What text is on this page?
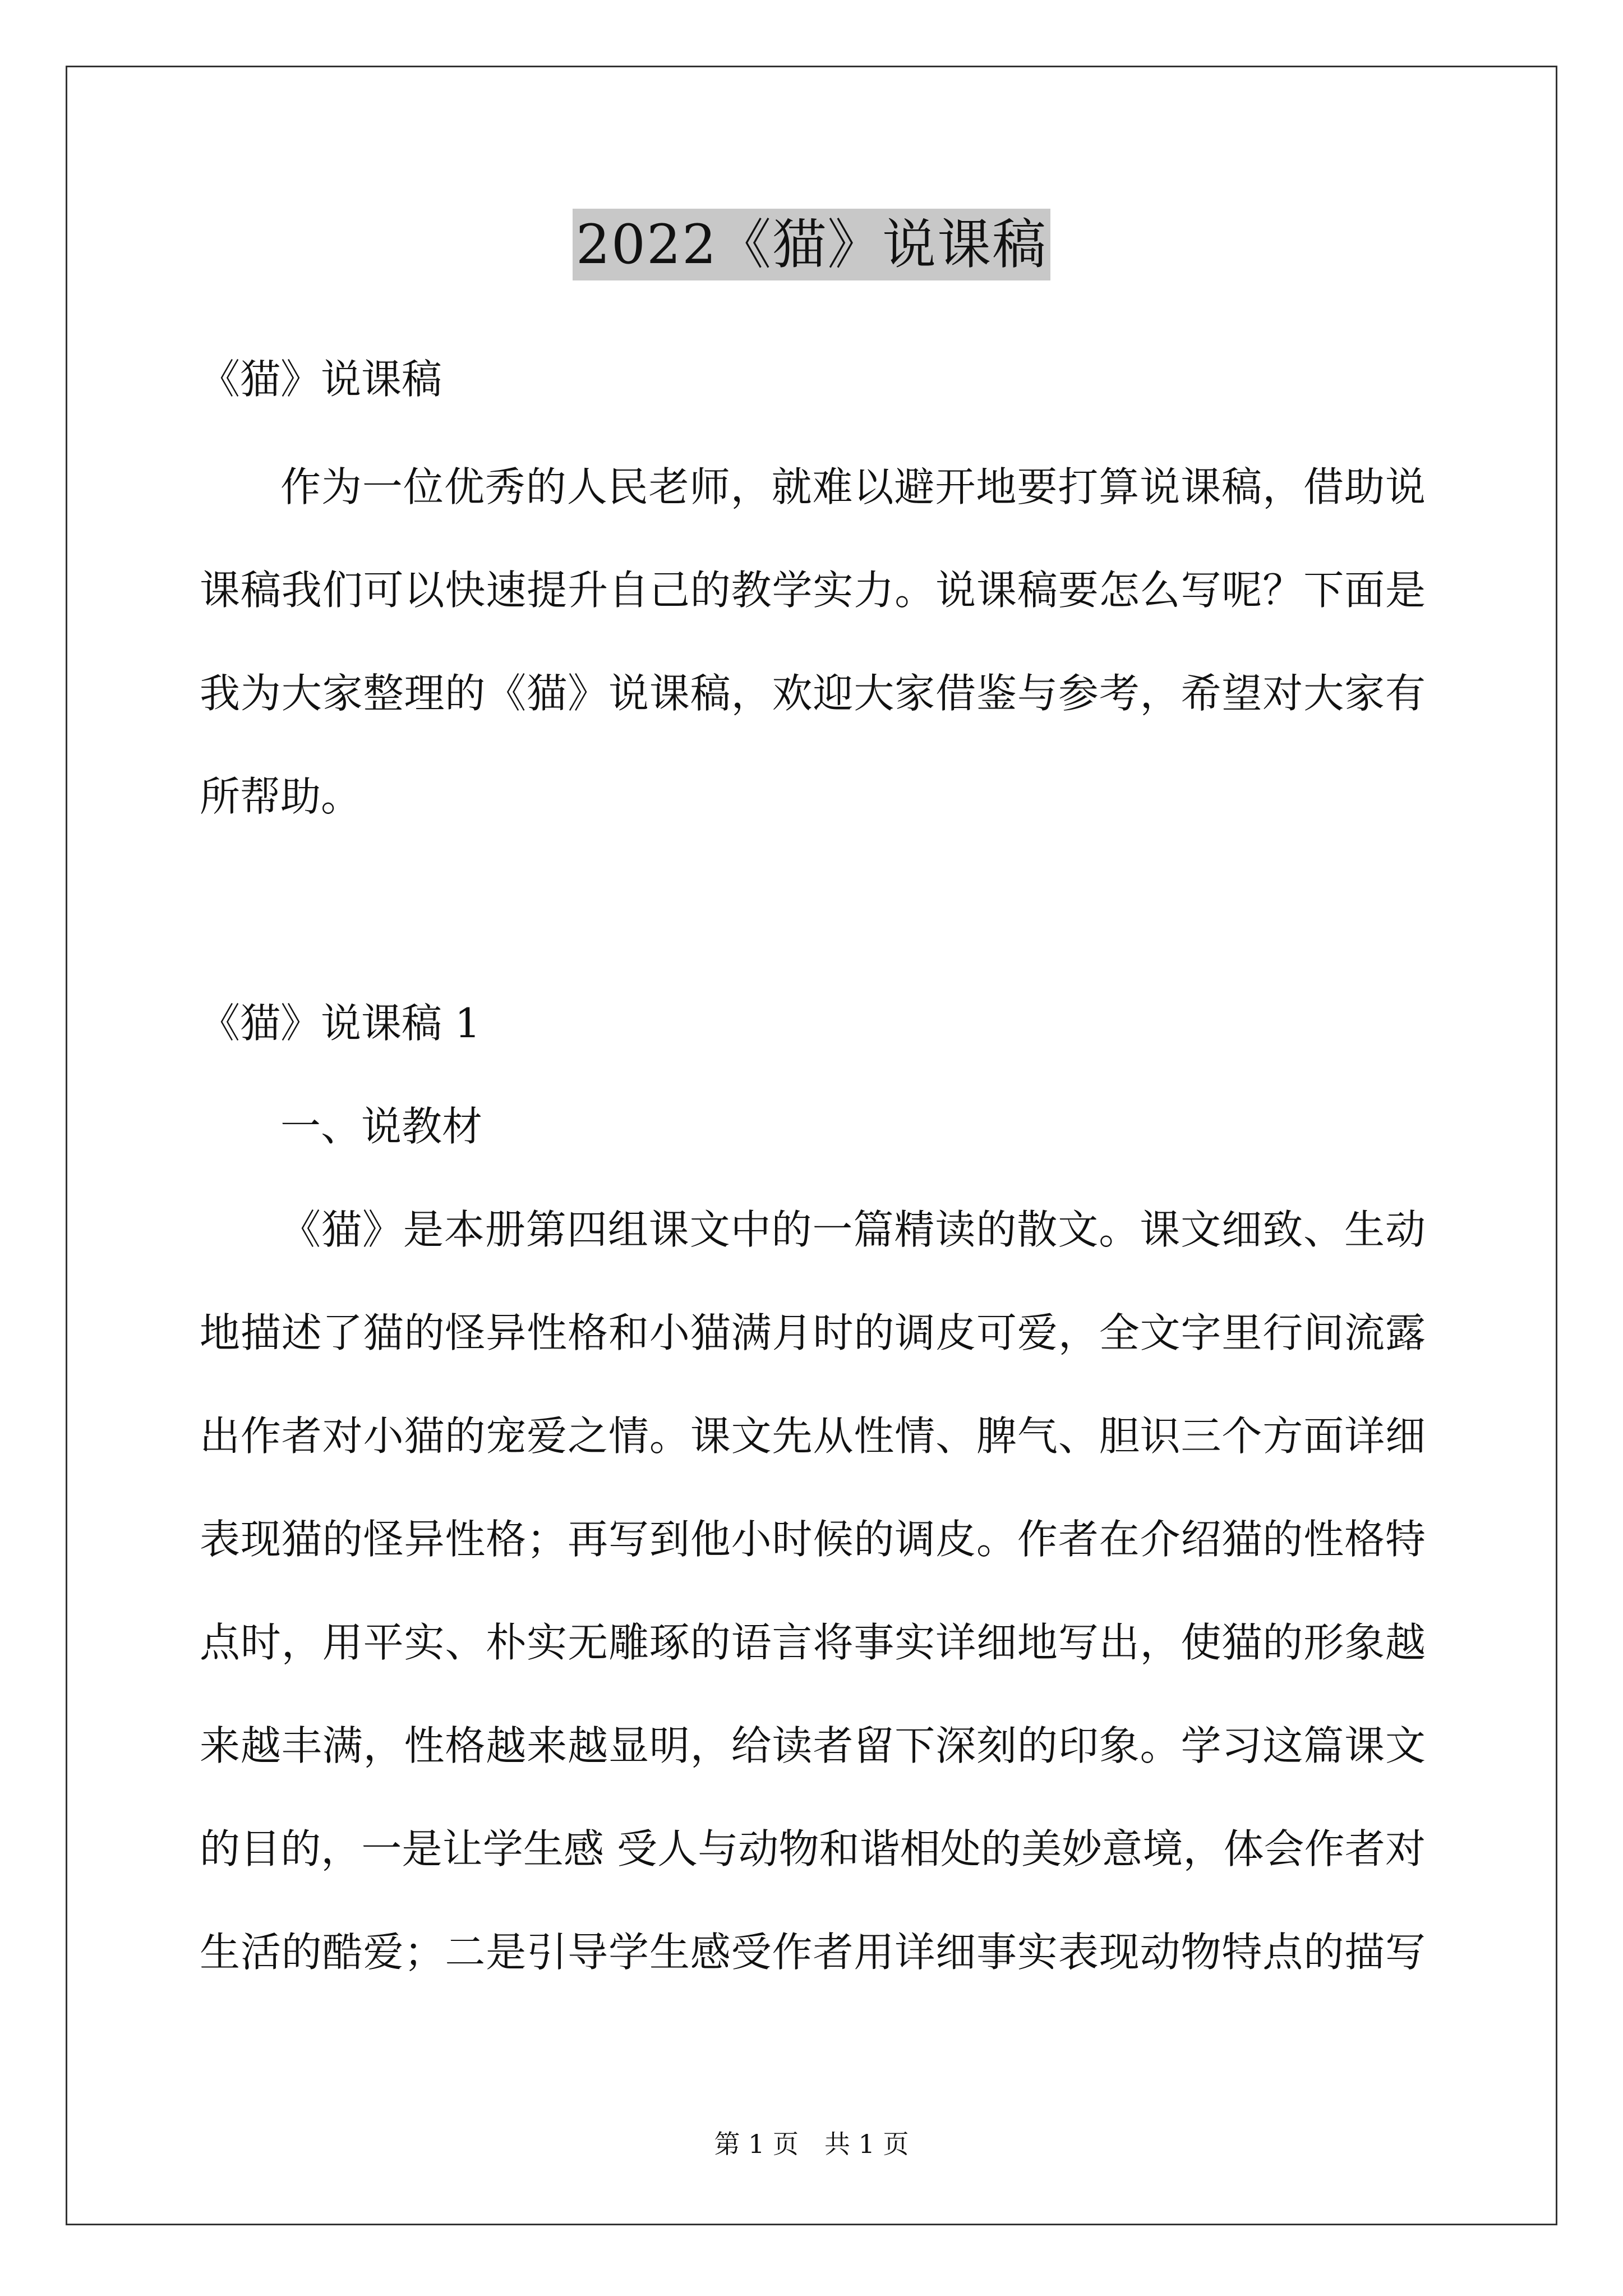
2022《猫》说课稿
《猫》说课稿
作为一位优秀的人民老师，就难以避开地要打算说课稿，借助说
课稿我们可以快速提升自己的教学实力。说课稿要怎么写呢？下面是
我为大家整理的《猫》说课稿，欢迎大家借鉴与参考，希望对大家有
所帮助。
《猫》说课稿 1
一、说教材
《猫》是本册第四组课文中的一篇精读的散文。课文细致、生动
地描述了猫的怪异性格和小猫满月时的调皮可爱，全文字里行间流露
出作者对小猫的宠爱之情。课文先从性情、脾气、胆识三个方面详细
表现猫的怪异性格；再写到他小时候的调皮。作者在介绍猫的性格特
点时，用平实、朴实无雕琢的语言将事实详细地写出，使猫的形象越
来越丰满，性格越来越显明，给读者留下深刻的印象。学习这篇课文
的目的，一是让学生感 受人与动物和谐相处的美妙意境，体会作者对
生活的酷爱；二是引导学生感受作者用详细事实表现动物特点的描写
第 1 页　共 1 页
